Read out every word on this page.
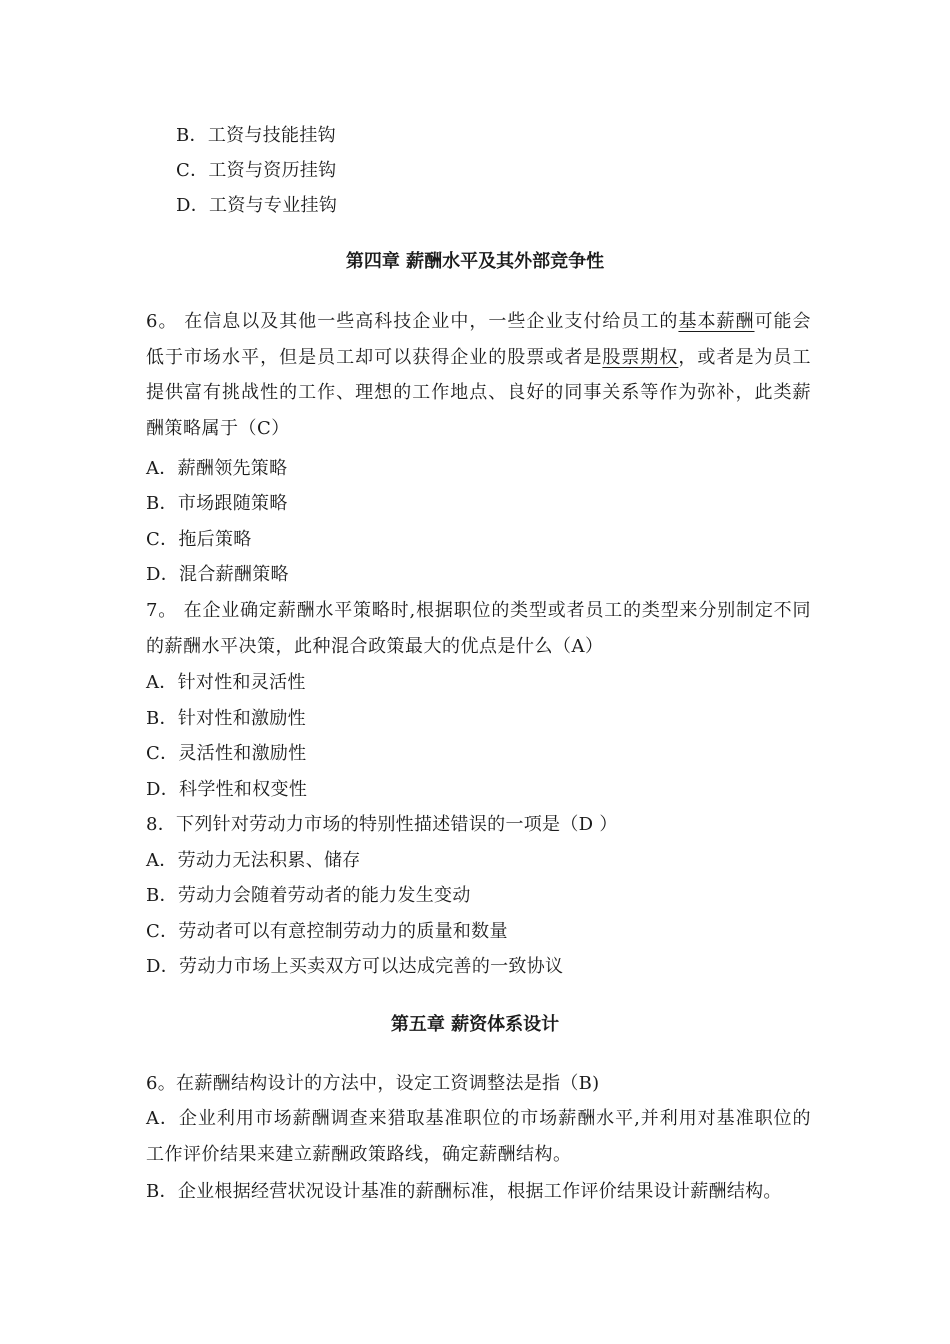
B．工资与技能挂钩
C．工资与资历挂钩
D．工资与专业挂钩
第四章 薪酬水平及其外部竞争性
6。 在信息以及其他一些高科技企业中，一些企业支付给员工的基本薪酬可能会低于市场水平，但是员工却可以获得企业的股票或者是股票期权，或者是为员工提供富有挑战性的工作、理想的工作地点、良好的同事关系等作为弥补，此类薪酬策略属于（C）
A．薪酬领先策略
B．市场跟随策略
C．拖后策略
D．混合薪酬策略
7。 在企业确定薪酬水平策略时,根据职位的类型或者员工的类型来分别制定不同的薪酬水平决策，此种混合政策最大的优点是什么（A）
A．针对性和灵活性
B．针对性和激励性
C．灵活性和激励性
D．科学性和权变性
8．下列针对劳动力市场的特别性描述错误的一项是（D ）
A．劳动力无法积累、储存
B．劳动力会随着劳动者的能力发生变动
C．劳动者可以有意控制劳动力的质量和数量
D．劳动力市场上买卖双方可以达成完善的一致协议
第五章 薪资体系设计
6。在薪酬结构设计的方法中，设定工资调整法是指（B)
A．企业利用市场薪酬调查来猎取基准职位的市场薪酬水平,并利用对基准职位的工作评价结果来建立薪酬政策路线，确定薪酬结构。
B．企业根据经营状况设计基准的薪酬标准，根据工作评价结果设计薪酬结构。
